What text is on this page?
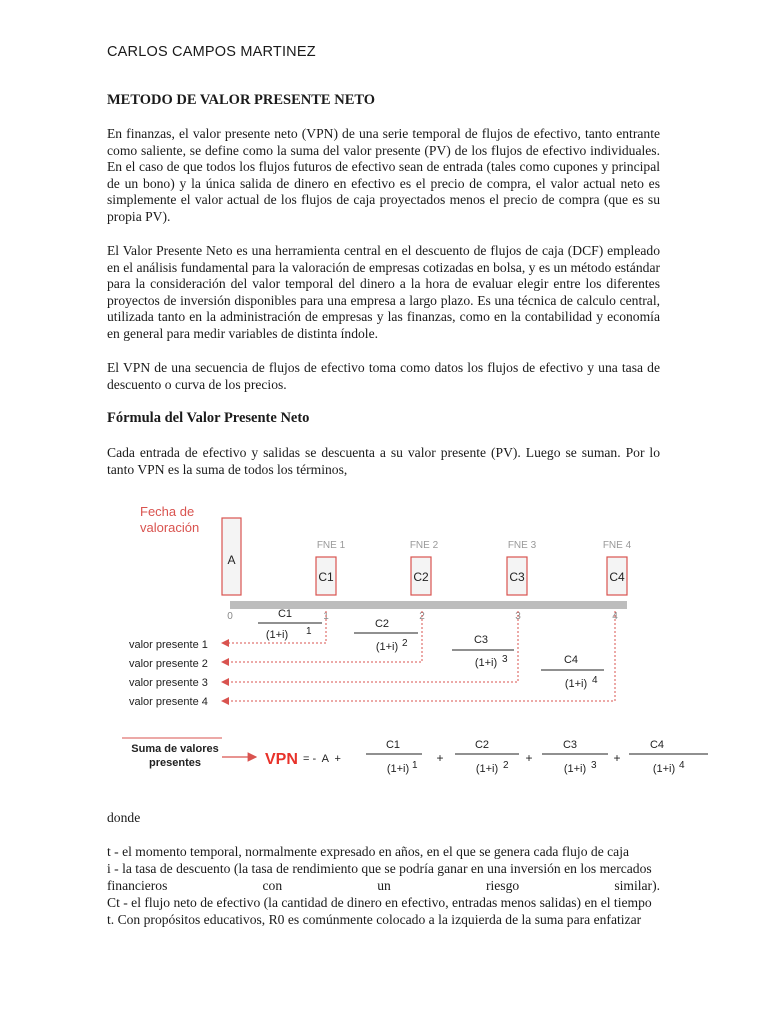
CARLOS CAMPOS MARTINEZ
METODO DE VALOR PRESENTE NETO

En finanzas, el valor presente neto (VPN) de una serie temporal de flujos de efectivo, tanto entrante como saliente, se define como la suma del valor presente (PV) de los flujos de efectivo individuales. En el caso de que todos los flujos futuros de efectivo sean de entrada (tales como cupones y principal de un bono) y la única salida de dinero en efectivo es el precio de compra, el valor actual neto es simplemente el valor actual de los flujos de caja proyectados menos el precio de compra (que es su propia PV).

El Valor Presente Neto es una herramienta central en el descuento de flujos de caja (DCF) empleado en el análisis fundamental para la valoración de empresas cotizadas en bolsa, y es un método estándar para la consideración del valor temporal del dinero a la hora de evaluar elegir entre los diferentes proyectos de inversión disponibles para una empresa a largo plazo. Es una técnica de calculo central, utilizada tanto en la administración de empresas y las finanzas, como en la contabilidad y economía en general para medir variables de distinta índole.

El VPN de una secuencia de flujos de efectivo toma como datos los flujos de efectivo y una tasa de descuento o curva de los precios.

Fórmula del Valor Presente Neto

Cada entrada de efectivo y salidas se descuenta a su valor presente (PV). Luego se suman. Por lo tanto VPN es la suma de todos los términos,

Fecha de
valoración
A
FNE 1	FNE 2	FNE 3	FNE 4
C1	C2	C3	C4
0	1	2	3	4
C1
(1+i) 1
C2
(1+i) 2	C3
(1+i) 3	C4
(1+i) 4
valor presente 1
valor presente 2
valor presente 3
valor presente 4
Suma de valores
presentes	VPN = -  A  +
C1
(1+i) 1
+
C2
(1+i) 2
+
C3
(1+i) 3
+
C4
(1+i) 4
donde
t - el momento temporal, normalmente expresado en años, en el que se genera cada flujo de caja
i - la tasa de descuento (la tasa de rendimiento que se podría ganar en una inversión en los mercados
financieros con un riesgo similar).
Ct - el flujo neto de efectivo (la cantidad de dinero en efectivo, entradas menos salidas) en el tiempo
t. Con propósitos educativos, R0 es comúnmente colocado a la izquierda de la suma para enfatizar
